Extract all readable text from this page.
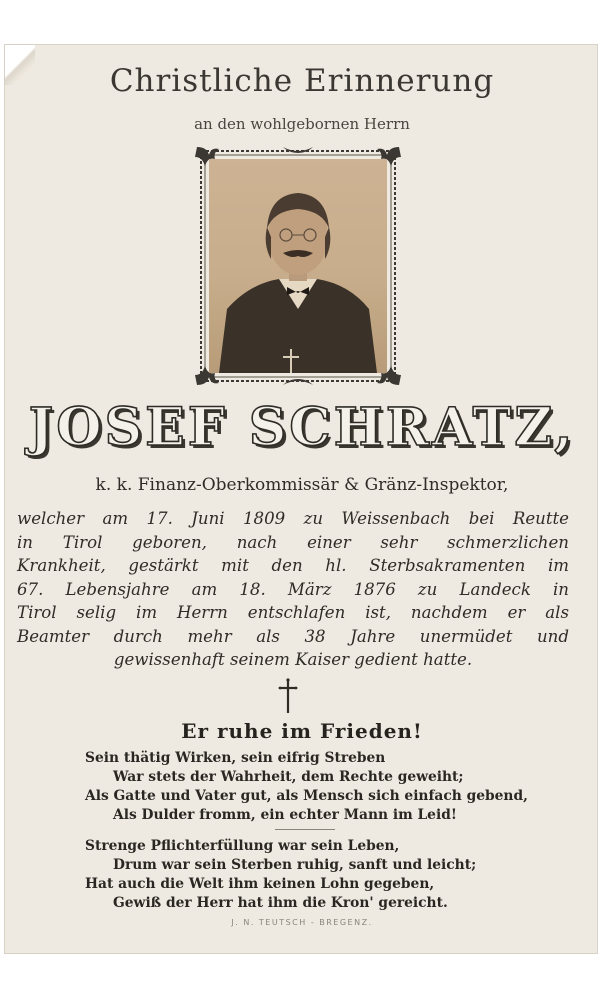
Christliche Erinnerung
an den wohlgebornen Herrn
JOSEF SCHRATZ,
k. k. Finanz-Oberkommissär & Gränz-Inspektor,
welcher am 17. Juni 1809 zu Weissenbach bei Reutte
in Tirol geboren, nach einer sehr schmerzlichen
Krankheit, gestärkt mit den hl. Sterbsakramenten im
67. Lebensjahre am 18. März 1876 zu Landeck in
Tirol selig im Herrn entschlafen ist, nachdem er als
Beamter durch mehr als 38 Jahre unermüdet und
gewissenhaft seinem Kaiser gedient hatte.
Er ruhe im Frieden!
Sein thätig Wirken, sein eifrig Streben
War stets der Wahrheit, dem Rechte geweiht;
Als Gatte und Vater gut, als Mensch sich einfach gebend,
Als Dulder fromm, ein echter Mann im Leid!
Strenge Pflichterfüllung war sein Leben,
Drum war sein Sterben ruhig, sanft und leicht;
Hat auch die Welt ihm keinen Lohn gegeben,
Gewiß der Herr hat ihm die Kron' gereicht.
J. N. TEUTSCH - BREGENZ.
